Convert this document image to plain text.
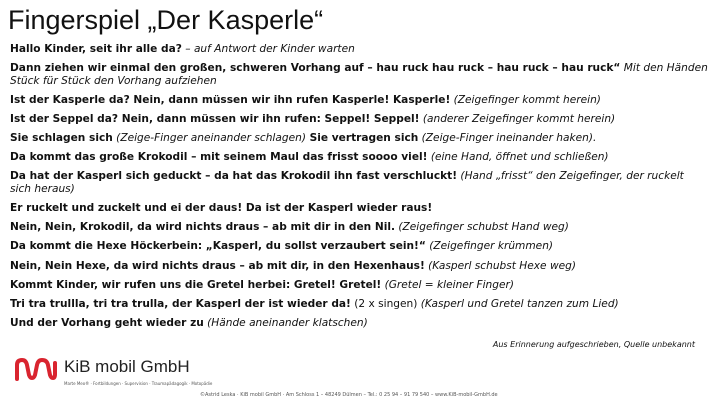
Fingerspiel „Der Kasperle“
Hallo Kinder, seit ihr alle da? – auf Antwort der Kinder warten
Dann ziehen wir einmal den großen, schweren Vorhang auf – hau ruck hau ruck – hau ruck – hau ruck“ Mit den Händen Stück für Stück den Vorhang aufziehen
Ist der Kasperle da? Nein, dann müssen wir ihn rufen Kasperle! Kasperle! (Zeigefinger kommt herein)
Ist der Seppel da? Nein, dann müssen wir ihn rufen: Seppel! Seppel! (anderer Zeigefinger kommt herein)
Sie schlagen sich (Zeige-Finger aneinander schlagen) Sie vertragen sich (Zeige-Finger ineinander haken).
Da kommt das große Krokodil – mit seinem Maul das frisst soooo viel! (eine Hand, öffnet und schließen)
Da hat der Kasperl sich geduckt – da hat das Krokodil ihn fast verschluckt! (Hand „frisst“ den Zeigefinger, der ruckelt sich heraus)
Er ruckelt und zuckelt und ei der daus! Da ist der Kasperl wieder raus!
Nein, Nein, Krokodil, da wird nichts draus – ab mit dir in den Nil. (Zeigefinger schubst Hand weg)
Da kommt die Hexe Höckerbein: „Kasperl, du sollst verzaubert sein!“ (Zeigefinger krümmen)
Nein, Nein Hexe, da wird nichts draus – ab mit dir, in den Hexenhaus! (Kasperl schubst Hexe weg)
Kommt Kinder, wir rufen uns die Gretel herbei: Gretel! Gretel! (Gretel = kleiner Finger)
Tri tra trullla, tri tra trulla, der Kasperl der ist wieder da! (2 x singen) (Kasperl und Gretel tanzen zum Lied)
Und der Vorhang geht wieder zu (Hände aneinander klatschen)
Aus Erinnerung aufgeschrieben, Quelle unbekannt
KiB mobil GmbH
Marte Meo® · Fortbildungen · Supervision · Traumapädagogik · Motopädie
©Astrid Leska · KiB mobil GmbH · Am Schloss 1 – 48249 Dülmen – Tel.: 0 25 94 – 91 79 540 – www.KiB-mobil-GmbH.de
